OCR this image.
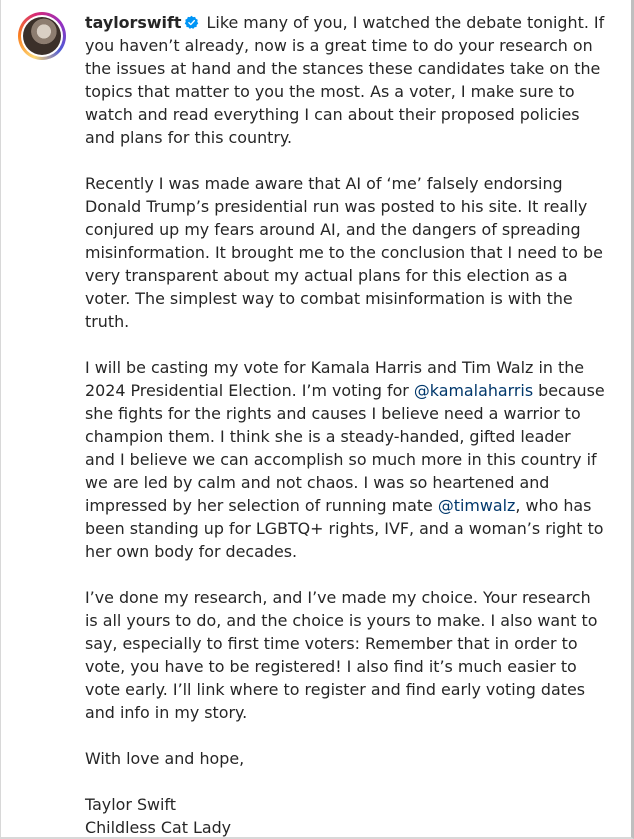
taylorswift Like many of you, I watched the debate tonight. If you haven’t already, now is a great time to do your research on the issues at hand and the stances these candidates take on the topics that matter to you the most. As a voter, I make sure to watch and read everything I can about their proposed policies and plans for this country.

Recently I was made aware that AI of ‘me’ falsely endorsing Donald Trump’s presidential run was posted to his site. It really conjured up my fears around AI, and the dangers of spreading misinformation. It brought me to the conclusion that I need to be very transparent about my actual plans for this election as a voter. The simplest way to combat misinformation is with the truth.

I will be casting my vote for Kamala Harris and Tim Walz in the 2024 Presidential Election. I’m voting for @kamalaharris because she fights for the rights and causes I believe need a warrior to champion them. I think she is a steady-handed, gifted leader and I believe we can accomplish so much more in this country if we are led by calm and not chaos. I was so heartened and impressed by her selection of running mate @timwalz, who has been standing up for LGBTQ+ rights, IVF, and a woman’s right to her own body for decades.

I’ve done my research, and I’ve made my choice. Your research is all yours to do, and the choice is yours to make. I also want to say, especially to first time voters: Remember that in order to vote, you have to be registered! I also find it’s much easier to vote early. I’ll link where to register and find early voting dates and info in my story.

With love and hope,

Taylor Swift

Childless Cat Lady
